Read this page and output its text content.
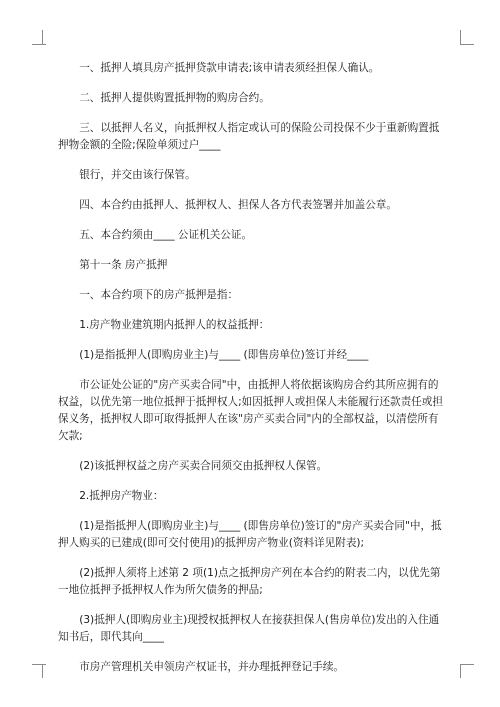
一、抵押人填具房产抵押贷款申请表;该申请表须经担保人确认。

二、抵押人提供购置抵押物的购房合约。

三、以抵押人名义，向抵押权人指定或认可的保险公司投保不少于重新购置抵押物金额的全险;保险单须过户____

银行，并交由该行保管。

四、本合约由抵押人、抵押权人、担保人各方代表签署并加盖公章。

五、本合约须由____ 公证机关公证。

第十一条 房产抵押

一、本合约项下的房产抵押是指：

1.房产物业建筑期内抵押人的权益抵押：

(1)是指抵押人(即购房业主)与____ (即售房单位)签订并经____

市公证处公证的"房产买卖合同"中，由抵押人将依据该购房合约其所应拥有的权益，以优先第一地位抵押于抵押权人;如因抵押人或担保人未能履行还款责任或担保义务，抵押权人即可取得抵押人在该"房产买卖合同"内的全部权益，以清偿所有欠款;

(2)该抵押权益之房产买卖合同须交由抵押权人保管。

2.抵押房产物业：

(1)是指抵押人(即购房业主)与____ (即售房单位)签订的"房产买卖合同"中，抵押人购买的已建成(即可交付使用)的抵押房产物业(资料详见附表);

(2)抵押人须将上述第 2 项(1)点之抵押房产列在本合约的附表二内，以优先第一地位抵押予抵押权人作为所欠债务的押品;

(3)抵押人(即购房业主)现授权抵押权人在接获担保人(售房单位)发出的入住通知书后，即代其向____

市房产管理机关申领房产权证书，并办理抵押登记手续。
